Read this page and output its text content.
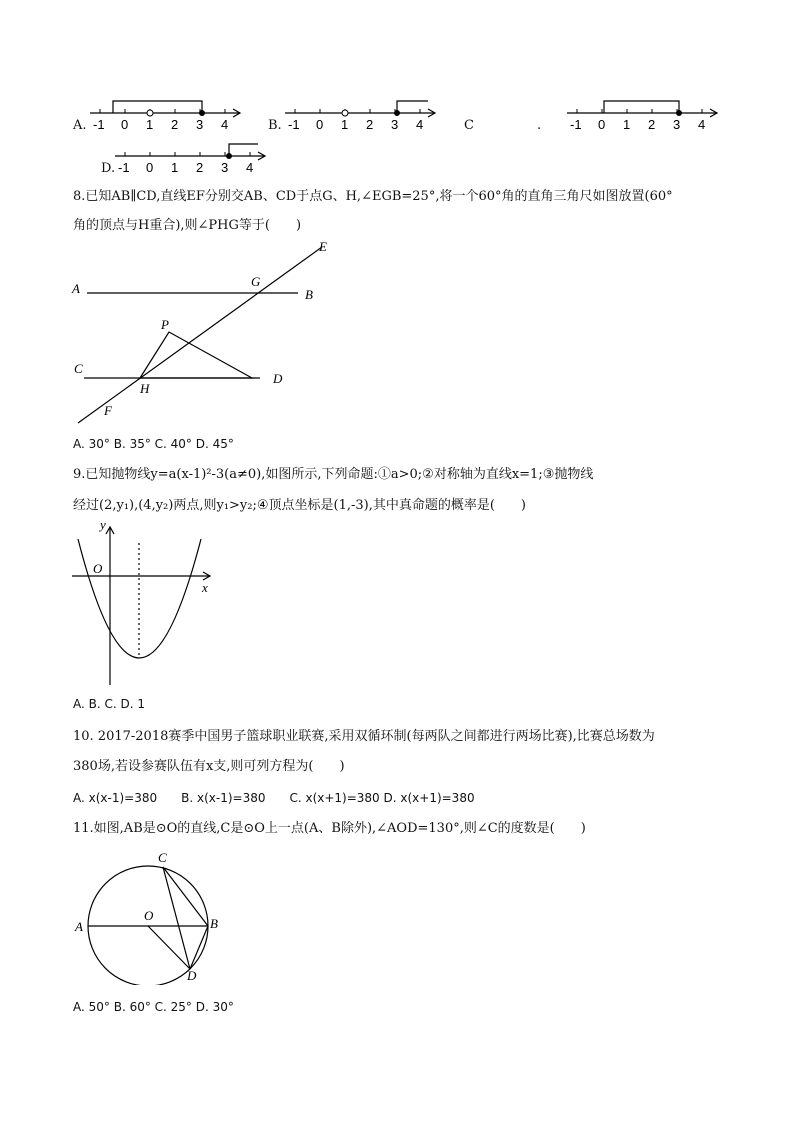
A. -1 0 1 2 3 4	B. -1 0 1 2 3 4	C	. -1 0 1 2 3 4
D. -1 0 1 2 3 4
8.已知AB∥CD,直线EF分别交AB、CD于点G、H,∠EGB=25°,将一个60°角的直角三角尺如图放置(60°
角的顶点与H重合),则∠PHG等于(　　)
A	B
C
D
E
F
G
H
P
A. 30° B. 35° C. 40° D. 45°
9.已知抛物线y=a(x-1)²-3(a≠0),如图所示,下列命题:①a>0;②对称轴为直线x=1;③抛物线
经过(2,y₁),(4,y₂)两点,则y₁>y₂;④顶点坐标是(1,-3),其中真命题的概率是(　　)
y
x
O
A. B. C. D. 1
10. 2017-2018赛季中国男子篮球职业联赛,采用双循环制(每两队之间都进行两场比赛),比赛总场数为
380场,若设参赛队伍有x支,则可列方程为(　　)
A. x(x-1)=380　　B. x(x-1)=380　　C. x(x+1)=380 D. x(x+1)=380
11.如图,AB是⊙O的直线,C是⊙O上一点(A、B除外),∠AOD=130°,则∠C的度数是(　　)
A	B
C
D
O
A. 50° B. 60° C. 25° D. 30°
